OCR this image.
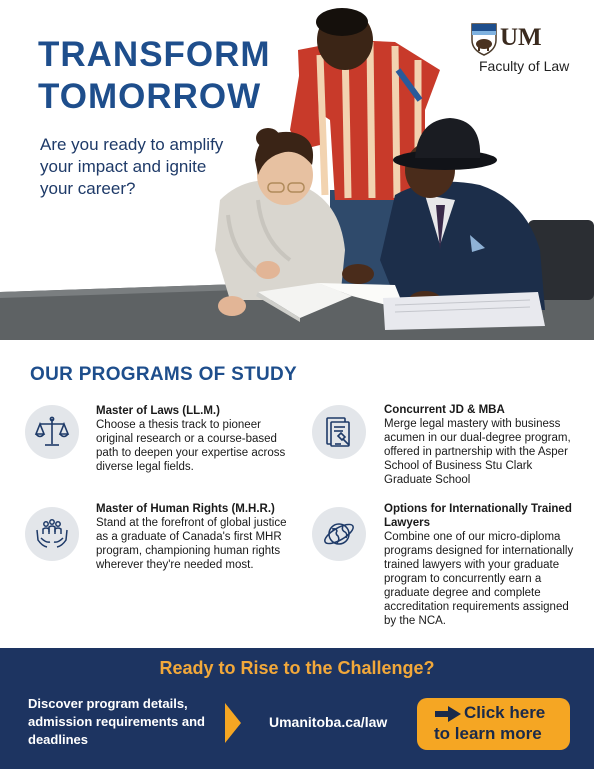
TRANSFORM
TOMORROW
Are you ready to amplify your impact and ignite your career?
UM
Faculty of Law
OUR PROGRAMS OF STUDY
Master of Laws (LL.M.)
Choose a thesis track to pioneer original research or a course-based path to deepen your expertise across diverse legal fields.
Concurrent JD & MBA
Merge legal mastery with business acumen in our dual-degree program, offered in partnership with the Asper School of Business Stu Clark Graduate School
Master of Human Rights (M.H.R.)
Stand at the forefront of global justice as a graduate of Canada's first MHR program, championing human rights wherever they're needed most.
Options for Internationally Trained Lawyers
Combine one of our micro-diploma programs designed for internationally trained lawyers with your graduate program to concurrently earn a graduate degree and complete accreditation requirements assigned by the NCA.
Ready to Rise to the Challenge?
Discover program details, admission requirements and deadlines
Umanitoba.ca/law	Click here
to learn more
